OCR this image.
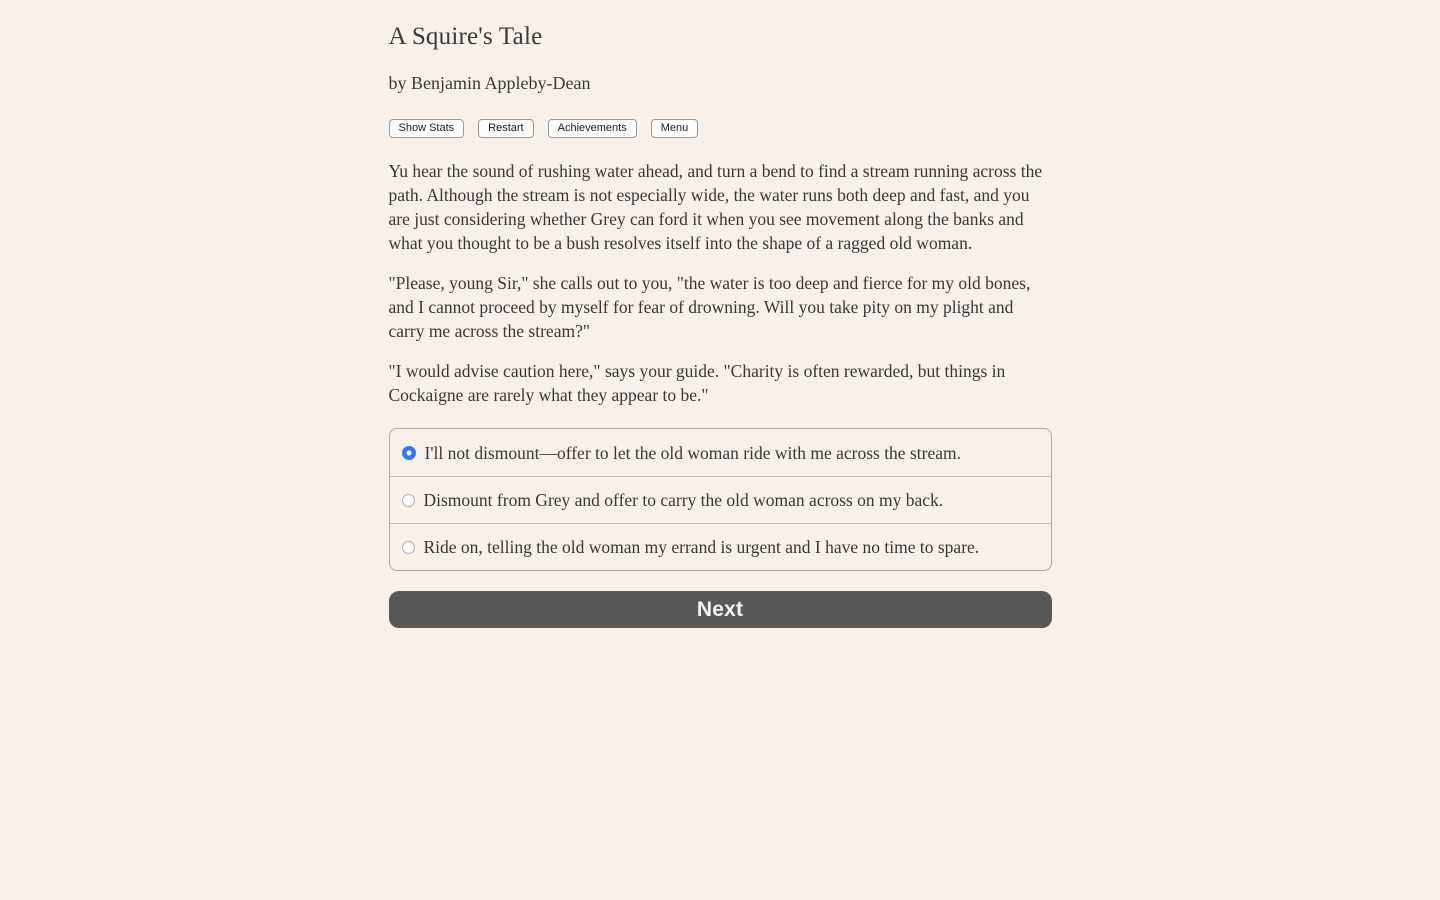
A Squire's Tale
by Benjamin Appleby-Dean
Show Stats	Restart	Achievements	Menu

Yu hear the sound of rushing water ahead, and turn a bend to find a stream running across the path. Although the stream is not especially wide, the water runs both deep and fast, and you are just considering whether Grey can ford it when you see movement along the banks and what you thought to be a bush resolves itself into the shape of a ragged old woman.

"Please, young Sir," she calls out to you, "the water is too deep and fierce for my old bones, and I cannot proceed by myself for fear of drowning. Will you take pity on my plight and carry me across the stream?"

"I would advise caution here," says your guide. "Charity is often rewarded, but things in Cockaigne are rarely what they appear to be."

I'll not dismount—offer to let the old woman ride with me across the stream.
Dismount from Grey and offer to carry the old woman across on my back.
Ride on, telling the old woman my errand is urgent and I have no time to spare.
Next
